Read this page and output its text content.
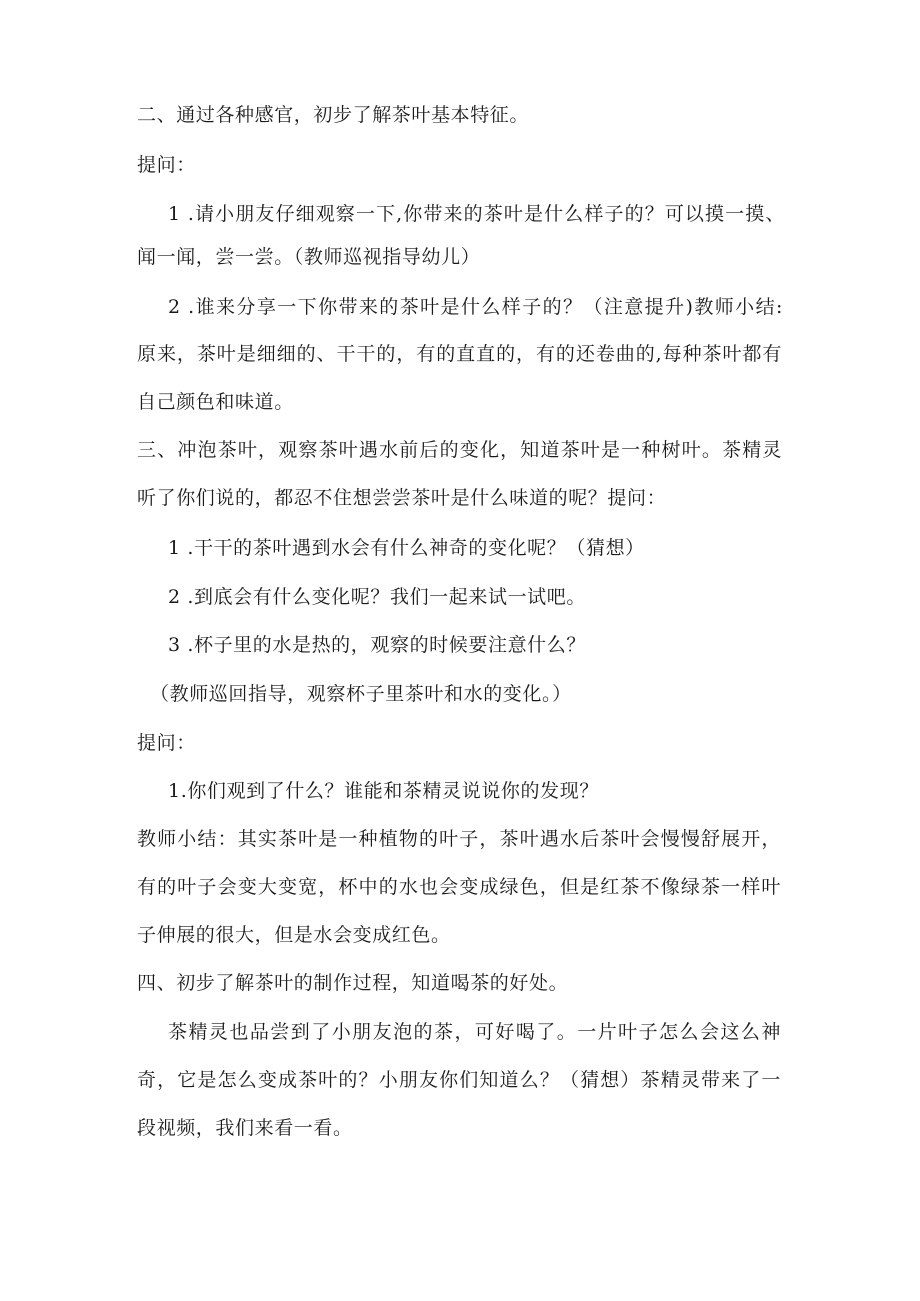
二、通过各种感官，初步了解茶叶基本特征。
提问：
1 .请小朋友仔细观察一下,你带来的茶叶是什么样子的？可以摸一摸、
闻一闻，尝一尝。（教师巡视指导幼儿）
2 .谁来分享一下你带来的茶叶是什么样子的？（注意提升)教师小结:
原来，茶叶是细细的、干干的，有的直直的，有的还卷曲的,每种茶叶都有
自己颜色和味道。
三、冲泡茶叶，观察茶叶遇水前后的变化，知道茶叶是一种树叶。茶精灵
听了你们说的，都忍不住想尝尝茶叶是什么味道的呢？提问：
1 .干干的茶叶遇到水会有什么神奇的变化呢？（猜想）
2 .到底会有什么变化呢？我们一起来试一试吧。
3 .杯子里的水是热的，观察的时候要注意什么？
（教师巡回指导，观察杯子里茶叶和水的变化。）
提问：
1.你们观到了什么？谁能和茶精灵说说你的发现？
教师小结：其实茶叶是一种植物的叶子，茶叶遇水后茶叶会慢慢舒展开，
有的叶子会变大变宽，杯中的水也会变成绿色，但是红茶不像绿茶一样叶
子伸展的很大，但是水会变成红色。
四、初步了解茶叶的制作过程，知道喝茶的好处。
茶精灵也品尝到了小朋友泡的茶，可好喝了。一片叶子怎么会这么神
奇，它是怎么变成茶叶的？小朋友你们知道么？（猜想）茶精灵带来了一
段视频，我们来看一看。
